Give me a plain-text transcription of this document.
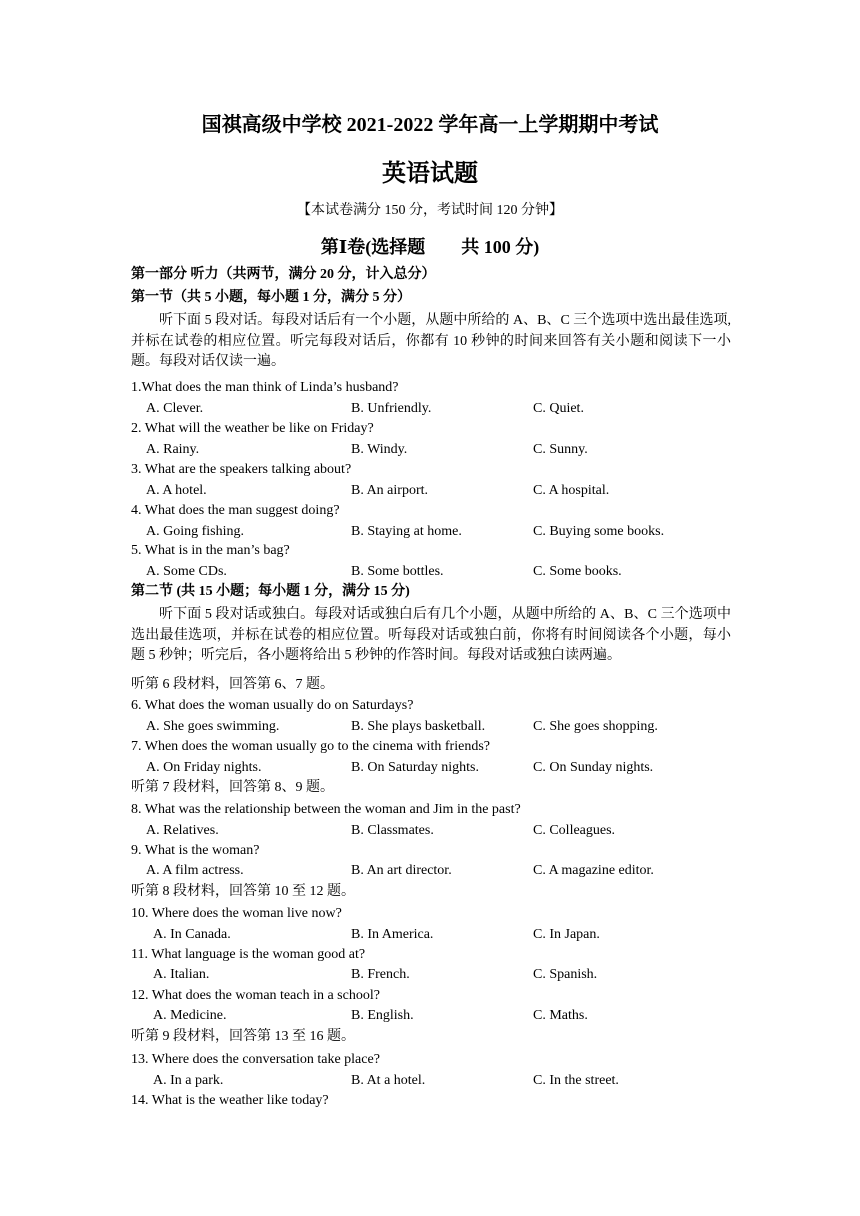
国祺高级中学校 2021-2022 学年高一上学期期中考试
英语试题
【本试卷满分 150 分，考试时间 120 分钟】
第Ⅰ卷(选择题　　共 100 分)
第一部分 听力（共两节，满分 20 分，计入总分）
第一节（共 5 小题，每小题 1 分，满分 5 分）
听下面 5 段对话。每段对话后有一个小题，从题中所给的 A、B、C 三个选项中选出最佳选项,并标在试卷的相应位置。听完每段对话后，你都有 10 秒钟的时间来回答有关小题和阅读下一小题。每段对话仅读一遍。
1.What does the man think of Linda’s husband?
A. Clever.	B. Unfriendly.	C. Quiet.
2. What will the weather be like on Friday?
A. Rainy.	B. Windy.	C. Sunny.
3. What are the speakers talking about?
A. A hotel.	B. An airport.	C. A hospital.
4. What does the man suggest doing?
A. Going fishing.	B. Staying at home.	C. Buying some books.
5. What is in the man’s bag?
A. Some CDs.	B. Some bottles.	C. Some books.
第二节 (共 15 小题；每小题 1 分，满分 15 分)
听下面 5 段对话或独白。每段对话或独白后有几个小题，从题中所给的 A、B、C 三个选项中选出最佳选项，并标在试卷的相应位置。听每段对话或独白前，你将有时间阅读各个小题，每小题 5 秒钟；听完后，各小题将给出 5 秒钟的作答时间。每段对话或独白读两遍。
听第 6 段材料，回答第 6、7 题。
6. What does the woman usually do on Saturdays?
A. She goes swimming.	B. She plays basketball.	C. She goes shopping.
7. When does the woman usually go to the cinema with friends?
A. On Friday nights.	B. On Saturday nights.	C. On Sunday nights.
听第 7 段材料，回答第 8、9 题。
8. What was the relationship between the woman and Jim in the past?
A. Relatives.	B. Classmates.	C. Colleagues.
9. What is the woman?
A. A film actress.	B. An art director.	C. A magazine editor.
听第 8 段材料，回答第 10 至 12 题。
10. Where does the woman live now?
A. In Canada.	B. In America.	C. In Japan.
11. What language is the woman good at?
A. Italian.	B. French.	C. Spanish.
12. What does the woman teach in a school?
A. Medicine.	B. English.	C. Maths.
听第 9 段材料，回答第 13 至 16 题。
13. Where does the conversation take place?
A. In a park.	B. At a hotel.	C. In the street.
14. What is the weather like today?
